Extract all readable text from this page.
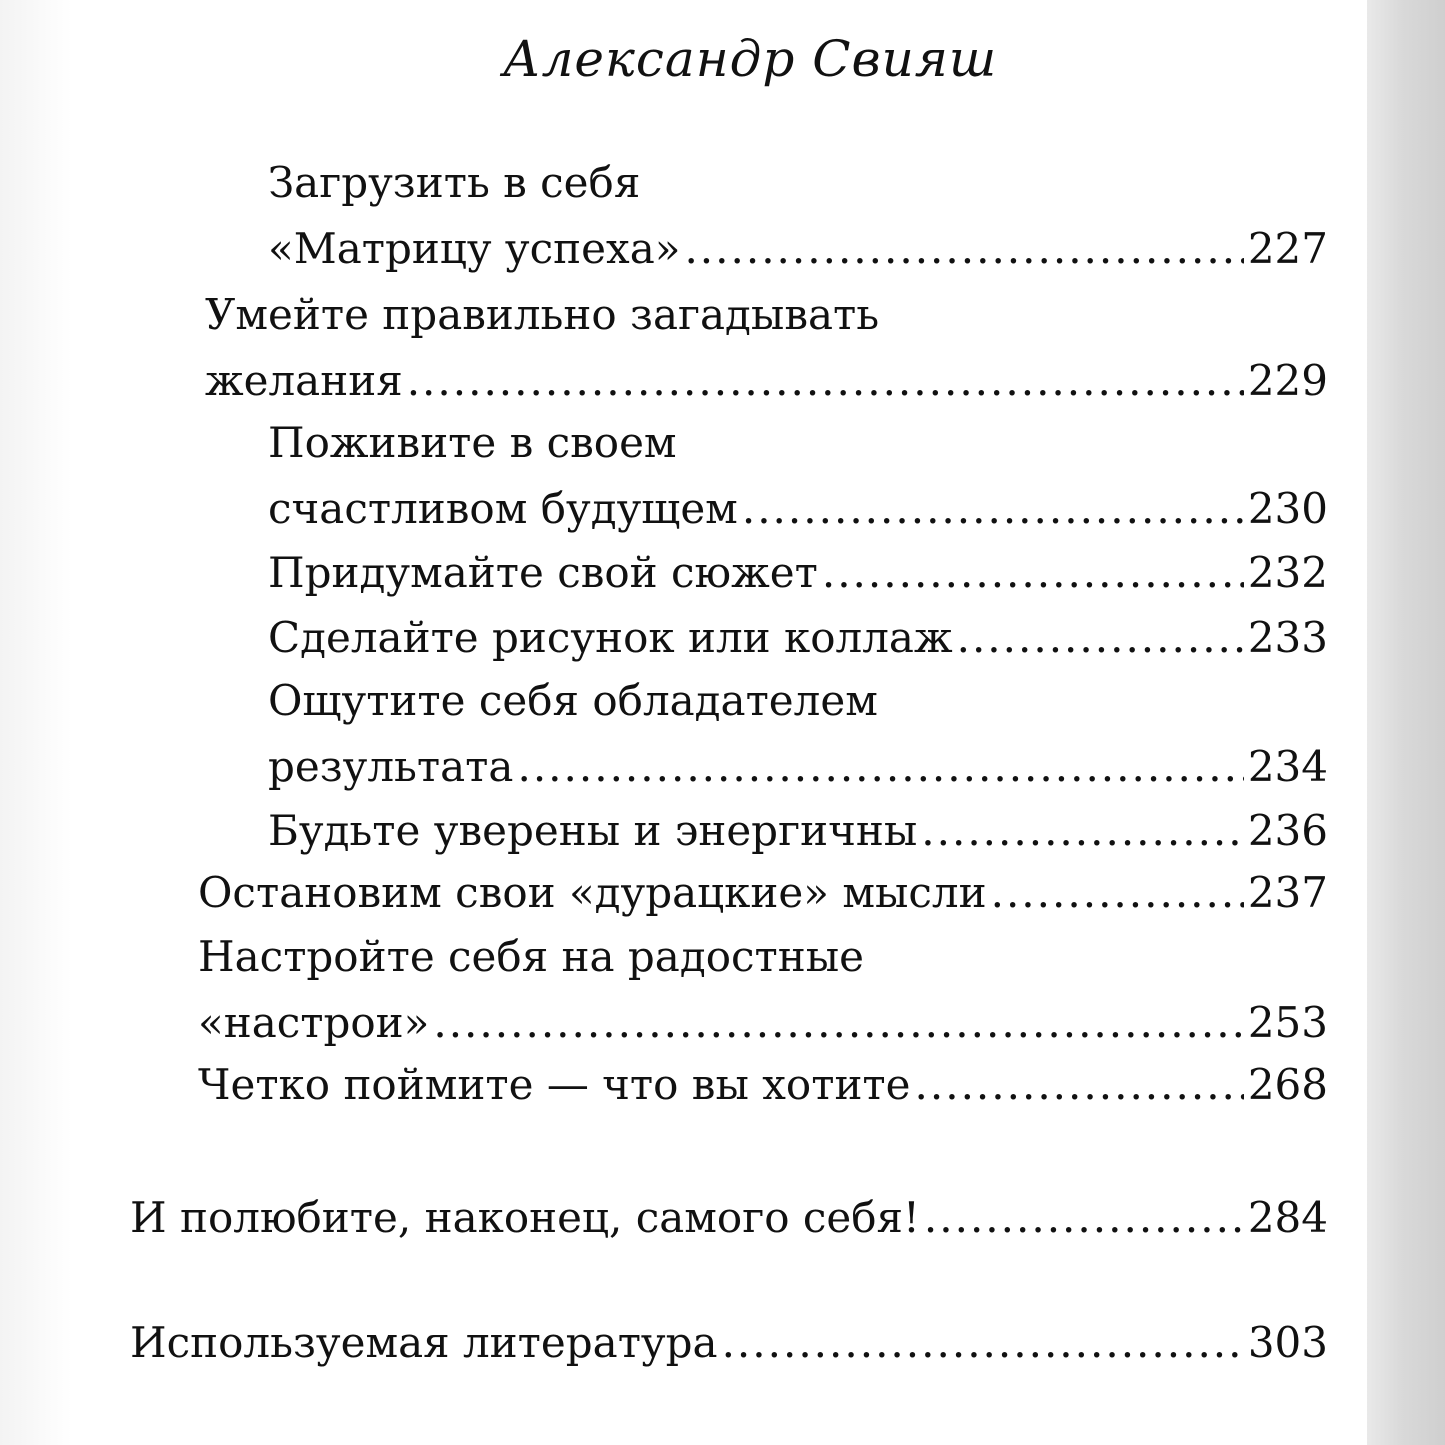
Александр Свияш
Загрузить в себя
«Матрицу успеха» .....	227
Умейте правильно загадывать
желания .....	229
Поживите в своем
счастливом будущем .....	230
Придумайте свой сюжет .....	232
Сделайте рисунок или коллаж .....	233
Ощутите себя обладателем
результата .....	234
Будьте уверены и энергичны .....	236
Остановим свои «дурацкие» мысли .....	237
Настройте себя на радостные
«настрои» .....	253
Четко поймите — что вы хотите .....	268
И полюбите, наконец, самого себя! .....	284
Используемая литература .....	303
